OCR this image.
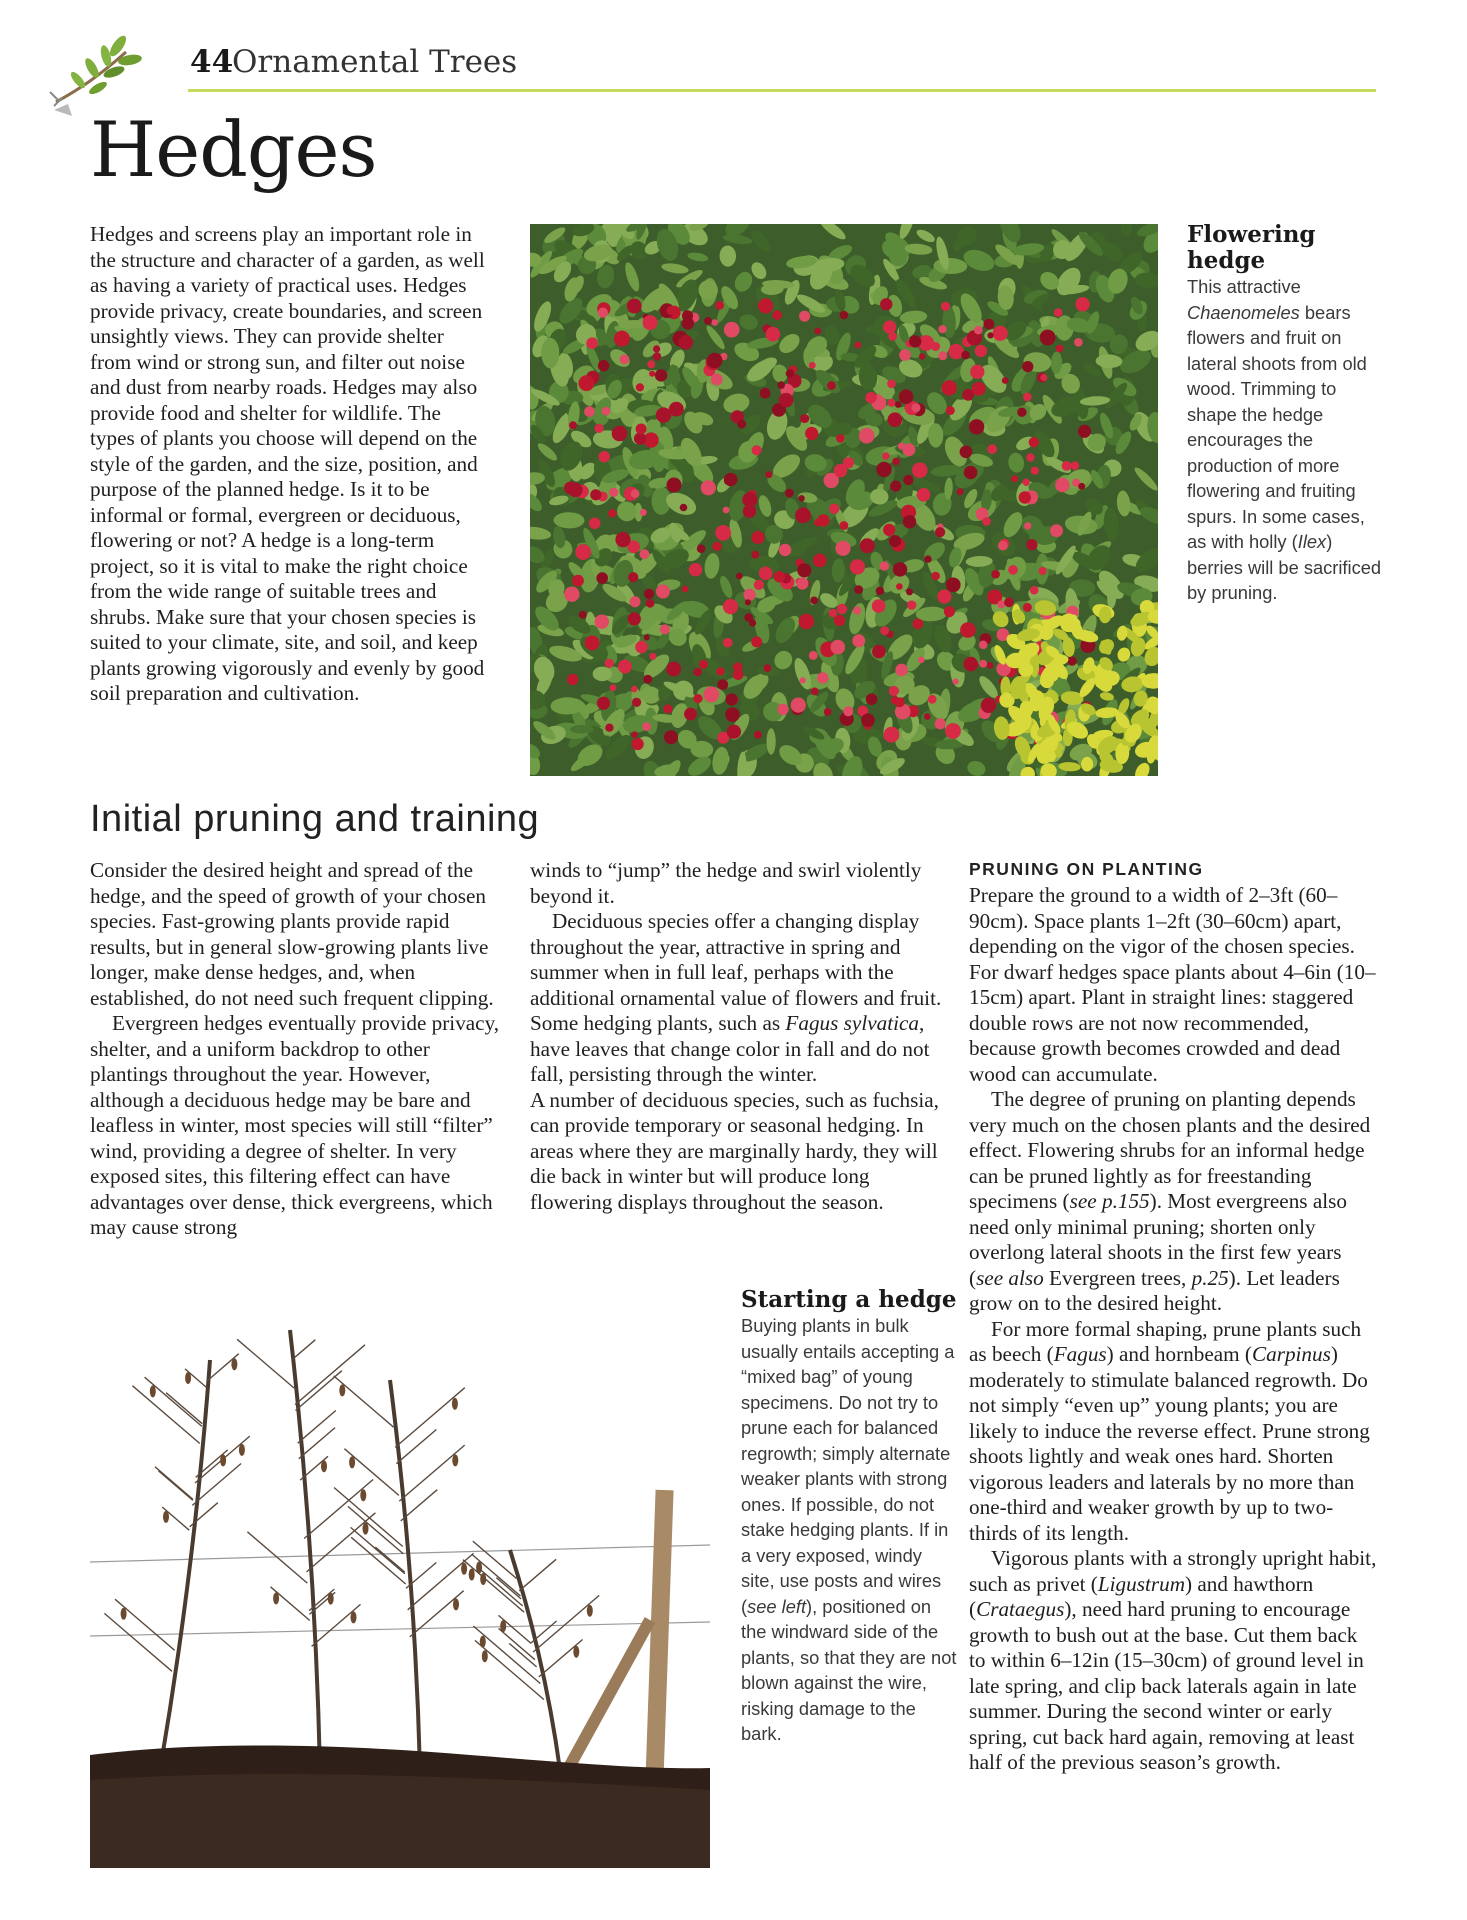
44
Ornamental Trees
Hedges

Hedges and screens play an important role in the structure and character of a garden, as well as having a variety of practical uses. Hedges provide privacy, create boundaries, and screen unsightly views. They can provide shelter from wind or strong sun, and filter out noise and dust from nearby roads. Hedges may also provide food and shelter for wildlife. The types of plants you choose will depend on the style of the garden, and the size, position, and purpose of the planned hedge. Is it to be informal or formal, evergreen or deciduous, flowering or not? A hedge is a long-term project, so it is vital to make the right choice from the wide range of suitable trees and shrubs. Make sure that your chosen species is suited to your climate, site, and soil, and keep plants growing vigorously and evenly by good soil preparation and cultivation.

Flowering hedge
This attractive Chaenomeles bears flowers and fruit on lateral shoots from old wood. Trimming to shape the hedge encourages the production of more flowering and fruiting spurs. In some cases, as with holly (Ilex) berries will be sacrificed by pruning.
Initial pruning and training

Consider the desired height and spread of the hedge, and the speed of growth of your chosen species. Fast-growing plants provide rapid results, but in general slow-growing plants live longer, make dense hedges, and, when established, do not need such frequent clipping.

Evergreen hedges eventually provide privacy, shelter, and a uniform backdrop to other plantings throughout the year. However, although a deciduous hedge may be bare and leafless in winter, most species will still “filter” wind, providing a degree of shelter. In very exposed sites, this filtering effect can have advantages over dense, thick evergreens, which may cause strong

winds to “jump” the hedge and swirl violently beyond it.

Deciduous species offer a changing display throughout the year, attractive in spring and summer when in full leaf, perhaps with the additional ornamental value of flowers and fruit. Some hedging plants, such as Fagus sylvatica, have leaves that change color in fall and do not fall, persisting through the winter.

A number of deciduous species, such as fuchsia, can provide temporary or seasonal hedging. In areas where they are marginally hardy, they will die back in winter but will produce long flowering displays throughout the season.

PRUNING ON PLANTING

Prepare the ground to a width of 2–3ft (60–90cm). Space plants 1–2ft (30–60cm) apart, depending on the vigor of the chosen species. For dwarf hedges space plants about 4–6in (10–15cm) apart. Plant in straight lines: staggered double rows are not now recommended, because growth becomes crowded and dead wood can accumulate.

The degree of pruning on planting depends very much on the chosen plants and the desired effect. Flowering shrubs for an informal hedge can be pruned lightly as for freestanding specimens (see p.155). Most evergreens also need only minimal pruning; shorten only overlong lateral shoots in the first few years (see also Evergreen trees, p.25). Let leaders grow on to the desired height.

For more formal shaping, prune plants such as beech (Fagus) and hornbeam (Carpinus) moderately to stimulate balanced regrowth. Do not simply “even up” young plants; you are likely to induce the reverse effect. Prune strong shoots lightly and weak ones hard. Shorten vigorous leaders and laterals by no more than one-third and weaker growth by up to two-thirds of its length.

Vigorous plants with a strongly upright habit, such as privet (Ligustrum) and hawthorn (Crataegus), need hard pruning to encourage growth to bush out at the base. Cut them back to within 6–12in (15–30cm) of ground level in late spring, and clip back laterals again in late summer. During the second winter or early spring, cut back hard again, removing at least half of the previous season’s growth.

Starting a hedge
Buying plants in bulk usually entails accepting a “mixed bag” of young specimens. Do not try to prune each for balanced regrowth; simply alternate weaker plants with strong ones. If possible, do not stake hedging plants. If in a very exposed, windy site, use posts and wires (see left), positioned on the windward side of the plants, so that they are not blown against the wire, risking damage to the bark.
